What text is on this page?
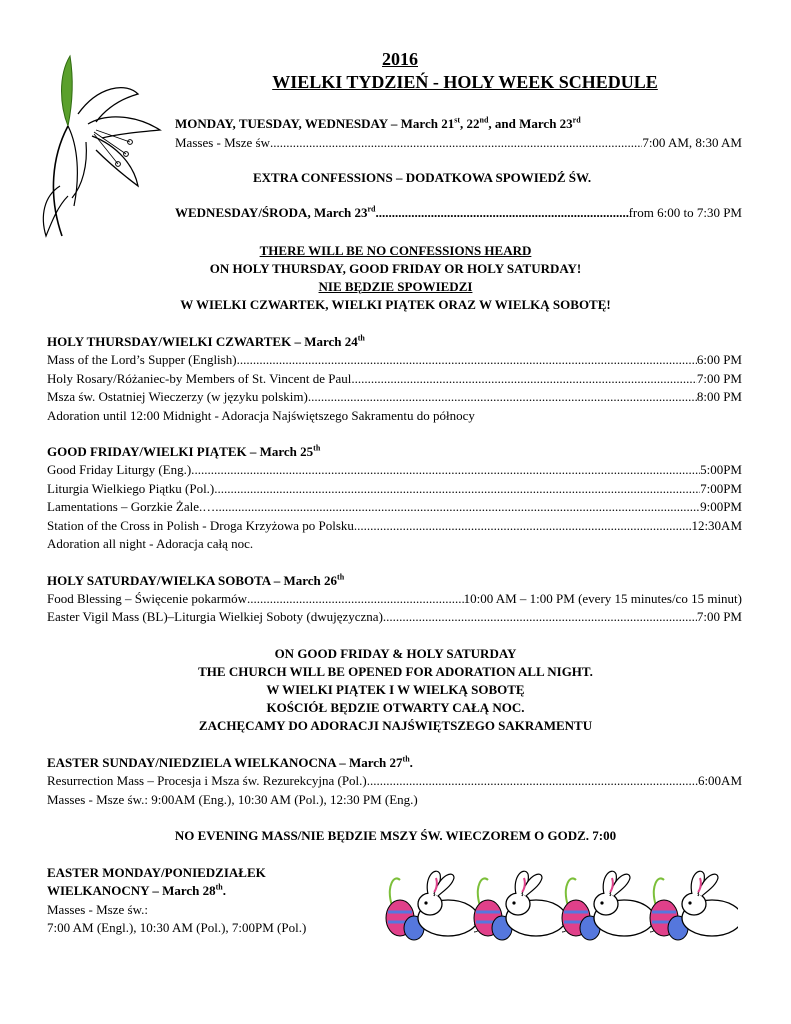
2016
WIELKI TYDZIEŃ - HOLY WEEK SCHEDULE
MONDAY, TUESDAY, WEDNESDAY – March 21st, 22nd, and March 23rd
Masses - Msze św .....	7:00 AM, 8:30 AM
EXTRA CONFESSIONS – DODATKOWA SPOWIEDŹ ŚW.
WEDNESDAY/ŚRODA, March 23rd .....	from 6:00 to 7:30 PM
THERE WILL BE NO CONFESSIONS HEARD
ON HOLY THURSDAY, GOOD FRIDAY OR HOLY SATURDAY!
NIE BĘDZIE SPOWIEDZI
W WIELKI CZWARTEK, WIELKI PIĄTEK ORAZ W WIELKĄ SOBOTĘ!
HOLY THURSDAY/WIELKI CZWARTEK – March 24th
Mass of the Lord’s Supper (English) .....	6:00 PM
Holy Rosary/Różaniec-by Members of St. Vincent de Paul .....	7:00 PM
Msza św. Ostatniej Wieczerzy (w języku polskim) .....	8:00 PM
Adoration until 12:00 Midnight - Adoracja Najświętszego Sakramentu do północy
GOOD FRIDAY/WIELKI PIĄTEK – March 25th
Good Friday Liturgy (Eng.). .....	5:00PM
Liturgia Wielkiego Piątku (Pol.). .....	7:00PM
Lamentations – Gorzkie Żale.… .....	9:00PM
Station of the Cross in Polish - Droga Krzyżowa po Polsku .....	12:30AM
Adoration all night - Adoracja całą noc.
HOLY SATURDAY/WIELKA SOBOTA – March 26th
Food Blessing – Święcenie pokarmów .....	10:00 AM – 1:00 PM (every 15 minutes/co 15 minut)
Easter Vigil Mass (BL)–Liturgia Wielkiej Soboty (dwujęzyczna) .....	7:00 PM
ON GOOD FRIDAY & HOLY SATURDAY
THE CHURCH WILL BE OPENED FOR ADORATION ALL NIGHT.
W WIELKI PIĄTEK I W WIELKĄ SOBOTĘ
KOŚCIÓŁ BĘDZIE OTWARTY CAŁĄ NOC.
ZACHĘCAMY DO ADORACJI NAJŚWIĘTSZEGO SAKRAMENTU
EASTER SUNDAY/NIEDZIELA WIELKANOCNA – March 27th.
Resurrection Mass – Procesja i Msza św. Rezurekcyjna (Pol.) .....	6:00AM
Masses - Msze św.: 9:00AM (Eng.), 10:30 AM (Pol.), 12:30 PM (Eng.)
NO EVENING MASS/NIE BĘDZIE MSZY ŚW. WIECZOREM O GODZ. 7:00
EASTER MONDAY/PONIEDZIAŁEK
WIELKANOCNY – March 28th.
Masses - Msze św.:
7:00 AM (Engl.), 10:30 AM (Pol.), 7:00PM (Pol.)
